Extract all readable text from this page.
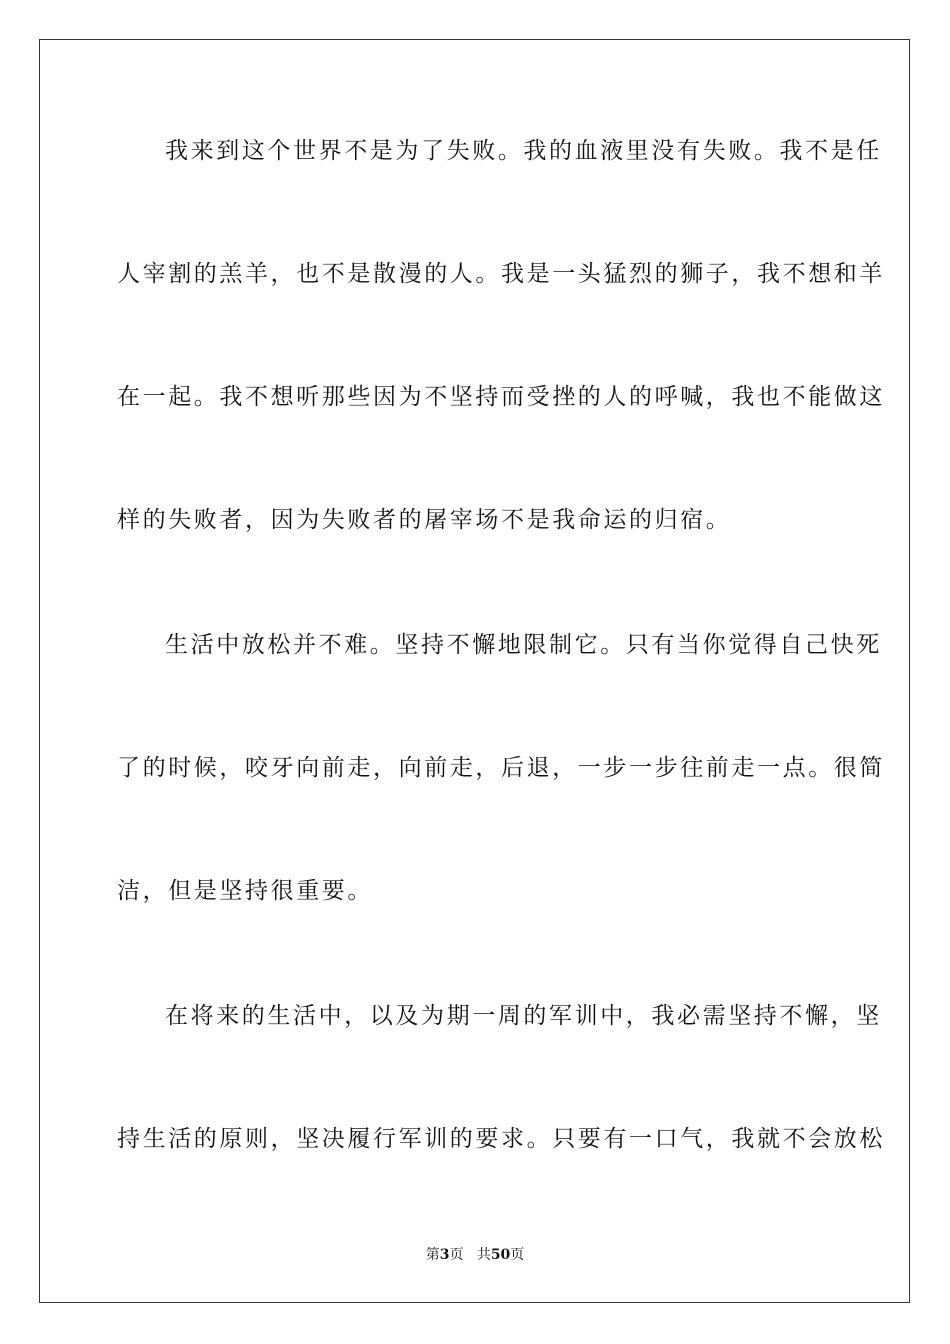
我来到这个世界不是为了失败。我的血液里没有失败。我不是任
人宰割的羔羊，也不是散漫的人。我是一头猛烈的狮子，我不想和羊
在一起。我不想听那些因为不坚持而受挫的人的呼喊，我也不能做这
样的失败者，因为失败者的屠宰场不是我命运的归宿。
生活中放松并不难。坚持不懈地限制它。只有当你觉得自己快死
了的时候，咬牙向前走，向前走，后退，一步一步往前走一点。很简
洁，但是坚持很重要。
在将来的生活中，以及为期一周的军训中，我必需坚持不懈，坚
持生活的原则，坚决履行军训的要求。只要有一口气，我就不会放松
第3页 共50页
